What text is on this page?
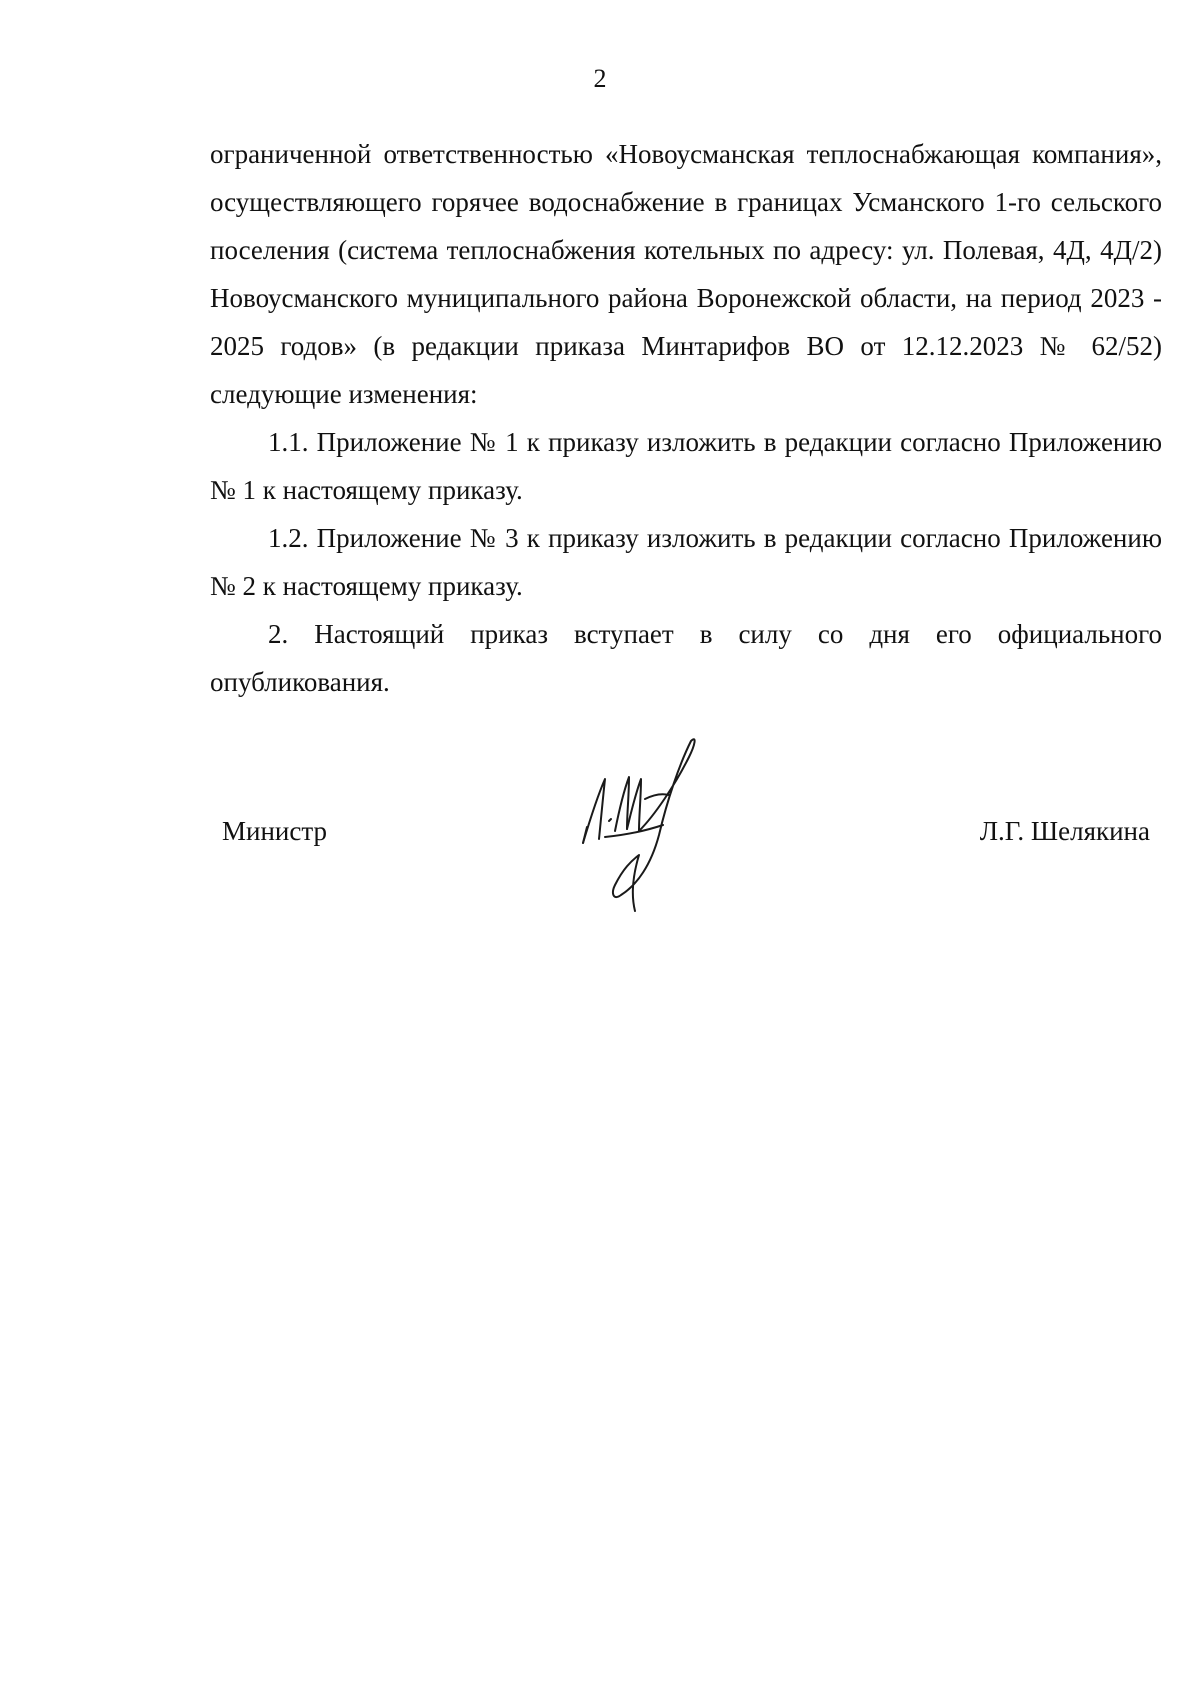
2

ограниченной ответственностью «Новоусманская теплоснабжающая компания», осуществляющего горячее водоснабжение в границах Усманского 1-го сельского поселения (система теплоснабжения котельных по адресу: ул. Полевая, 4Д, 4Д/2) Новоусманского муниципального района Воронежской области, на период 2023 - 2025 годов» (в редакции приказа Минтарифов ВО от 12.12.2023 № 62/52) следующие изменения:

1.1. Приложение № 1 к приказу изложить в редакции согласно Приложению № 1 к настоящему приказу.

1.2. Приложение № 3 к приказу изложить в редакции согласно Приложению № 2 к настоящему приказу.

2. Настоящий приказ вступает в силу со дня его официального опубликования.

Министр	Л.Г. Шелякина
